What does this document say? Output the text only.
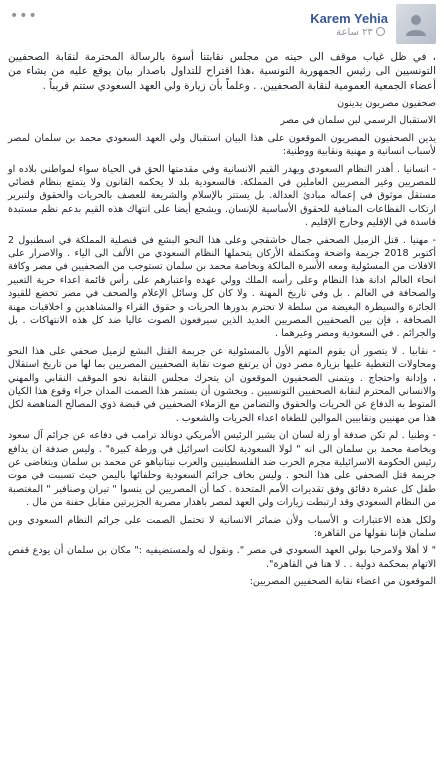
•••	Karem Yehia
٢٣ ساعة

، في ظل غياب موقف الى حينه من مجلس نقابتنا أسوة بالرسالة المحترمة لنقابة الصحفيين التونسيين الى رئيس الجمهورية التونسية ،هذا اقتراح للتداول باصدار بيان يوقع عليه من يشاء من أعضاء الجمعية العمومية لنقابة الصحفيين. . وعلماً بأن زيارة ولي العهد السعودي ستتم قريباً .

صحفيون مصريون يدينون

الاستقبال الرسمي لبن سلمان في مصر

يدين الصحفيون المصريون الموقعون على هذا البيان استقبال ولي العهد السعودي محمد بن سلمان لمصر لأسباب انسانية و مهنية ونقابية ووطنية:

- انسانيا . أهدر النظام السعودي ويهدر القيم الانسانية وفي مقدمتها الحق في الحياة سواء لمواطني بلاده او للمصريين وغير المصريين العاملين في المملكة. فالسعودية بلد لا يحكمه القانون ولا يتمتع بنظام قضائي مستقل موثوق في إعماله مبادئ العدالة. بل يستتر بالإسلام والشريعة للعصف بالحريات والحقوق ولتبرير ارتكاب الفظاعات المنافية للحقوق الأساسية للإنسان. ويشجع أيضا على انتهاك هذه القيم بدعم نظم مستبدة فاسدة في الإقليم وخارج الإقليم .

- مهنيا . قتل الزميل الصحفي جمال خاشقجي وعلى هذا النحو البشع في قنصلية المملكة في اسطنبول 2 أكتوبر 2018 جريمة واضحة ومكتملة الأركان يتحملها النظام السعودي من الألف الى الياء . والاصرار على الافلات من المسئولية ومعه الأسرة المالكة وبخاصة محمد بن سلمان تستوجب من الصحفيين في مصر وكافة انحاء العالم ادانة هذا النظام وعلى رأسه الملك وولي عهده واعتبارهم على رأس قائمة اعداء حرية التعبير والصحافة في العالم . بل وفي تاريخ المهنة . ولا كان كل وسائل الإعلام والصحف في مصر تخضع للقيود الجائرة والسيطرة البغيضة من سلطة لا تحترم بدورها الحريات و حقوق القراء والمشاهدين و اخلاقيات مهنة الصحافة ، فإن بين الصحفيين المصريين العديد الذين سيرفعون الصوت عاليا ضد كل هذه الانتهاكات . بل والجرائم . في السعودية ومصر وغيرهما .

- نقابيا . لا يتصور أن يقوم المتهم الأول بالمسئولية عن جريمة القتل البشع لزميل صحفي على هذا النحو ومحاولات التغطية عليها بزيارة مصر دون أن يرتفع صوت نقابة الصحفيين المصريين بما لها من تاريخ استقلال ، وإدانة واحتجاج . ويتمنى الصحفيون الموقعون ان يتحرك مجلس النقابة نحو الموقف النقابي والمهني والانساني المحترم لنقابة الصحفيين التونسيين . ويخشون أن يستمر هذا الصمت المدان جراء وقوع هذا الكيان المتوط به الدفاع عن الحريات والحقوق والتضامن مع الزملاء الصحفيين في قبضة ذوي المصالح المناهضة لكل هذا من مهنيين ونقابيين الموالين للطغاة اعداء الحريات والشعوب .

- وطنيا . لم تكن صدفة أو زلة لسان ان يشير الرئيس الأمريكي دونالد ترامب في دفاعه عن جرائم آل سعود وبخاصة محمد بن سلمان الى انه " لولا السعودية لكانت اسرائيل في ورطة كبيرة" . وليس صدفة ان يدافع رئيس الحكومة الاسرائيلية مجرم الحرب ضد الفلسطينيين والعرب نيتانياهو عن محمد بن سلمان ويتغاضى عن جريمة قتل الصحفي على هذا النحو . وليس بخاف جرائم السعودية وحلفائها باليمن حيث تسببت في موت طفل كل عشرة دقائق وفق تقديرات الأمم المتحدة . كما أن المصريين لن ينسوا " تيران وصنافير " المغتصبة من النظام السعودي وقد ارتبطت زيارات ولي العهد لمصر باهدار مصرية الجزيرتين مقابل حفنة من مال .

ولكل هذه الاعتبارات و الأسباب ولأن ضمائر الانسانية لا تحتمل الصمت على جرائم النظام السعودي وبن سلمان فإننا نقولها من القاهرة:

" لا أهلا ولامرحبا بولي العهد السعودي في مصر ". ونقول له ولمستضيفيه :" مكان بن سلمان أن يودع قفص الاتهام بمحكمة دولية . . لا هنا في القاهرة".

الموقعون من اعضاء نقابة الصحفيين المصريين:
